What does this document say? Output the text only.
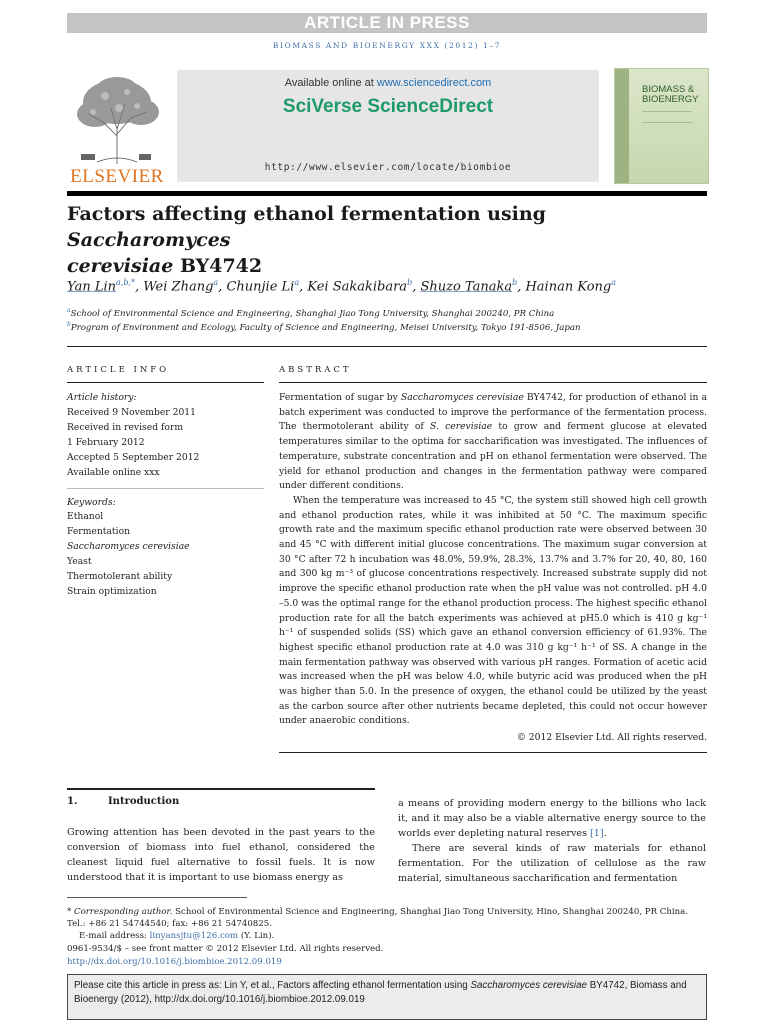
ARTICLE IN PRESS
BIOMASS AND BIOENERGY XXX (2012) 1–7
ELSEVIER
Available online at www.sciencedirect.com
SciVerse ScienceDirect
http://www.elsevier.com/locate/biombioe
BIOMASS &
BIOENERGY
Factors affecting ethanol fermentation using Saccharomyces
cerevisiae BY4742
Yan Lin$^{a,b,*}$, Wei Zhang$^a$, Chunjie Li$^a$, Kei Sakakibara$^b$, Shuzo Tanaka$^b$, Hainan Kong$^a$
$^a$School of Environmental Science and Engineering, Shanghai Jiao Tong University, Shanghai 200240, PR China
$^b$Program of Environment and Ecology, Faculty of Science and Engineering, Meisei University, Tokyo 191-8506, Japan
ARTICLE INFO	ABSTRACT
Article history:
Received 9 November 2011
Received in revised form
1 February 2012
Accepted 5 September 2012
Available online xxx
Keywords:
Ethanol
Fermentation
Saccharomyces cerevisiae
Yeast
Thermotolerant ability
Strain optimization

Fermentation of sugar by Saccharomyces cerevisiae BY4742, for production of ethanol in a batch experiment was conducted to improve the performance of the fermentation process. The thermotolerant ability of S. cerevisiae to grow and ferment glucose at elevated temperatures similar to the optima for saccharification was investigated. The influences of temperature, substrate concentration and pH on ethanol fermentation were observed. The yield for ethanol production and changes in the fermentation pathway were compared under different conditions.

When the temperature was increased to 45 °C, the system still showed high cell growth and ethanol production rates, while it was inhibited at 50 °C. The maximum specific growth rate and the maximum specific ethanol production rate were observed between 30 and 45 °C with different initial glucose concentrations. The maximum sugar conversion at 30 °C after 72 h incubation was 48.0%, 59.9%, 28.3%, 13.7% and 3.7% for 20, 40, 80, 160 and 300 kg m⁻³ of glucose concentrations respectively. Increased substrate supply did not improve the specific ethanol production rate when the pH value was not controlled. pH 4.0 –5.0 was the optimal range for the ethanol production process. The highest specific ethanol production rate for all the batch experiments was achieved at pH5.0 which is 410 g kg⁻¹ h⁻¹ of suspended solids (SS) which gave an ethanol conversion efficiency of 61.93%. The highest specific ethanol production rate at 4.0 was 310 g kg⁻¹ h⁻¹ of SS. A change in the main fermentation pathway was observed with various pH ranges. Formation of acetic acid was increased when the pH was below 4.0, while butyric acid was produced when the pH was higher than 5.0. In the presence of oxygen, the ethanol could be utilized by the yeast as the carbon source after other nutrients became depleted, this could not occur however under anaerobic conditions.

© 2012 Elsevier Ltd. All rights reserved.
1.	Introduction

Growing attention has been devoted in the past years to the conversion of biomass into fuel ethanol, considered the cleanest liquid fuel alternative to fossil fuels. It is now understood that it is important to use biomass energy as

a means of providing modern energy to the billions who lack it, and it may also be a viable alternative energy source to the worlds ever depleting natural reserves [1].

There are several kinds of raw materials for ethanol fermentation. For the utilization of cellulose as the raw material, simultaneous saccharification and fermentation

* Corresponding author. School of Environmental Science and Engineering, Shanghai Jiao Tong University, Hino, Shanghai 200240, PR China. Tel.: +86 21 54744540; fax: +86 21 54740825.
E-mail address: linyansjtu@126.com (Y. Lin).
0961-9534/$ – see front matter © 2012 Elsevier Ltd. All rights reserved.
http://dx.doi.org/10.1016/j.biombioe.2012.09.019
Please cite this article in press as: Lin Y, et al., Factors affecting ethanol fermentation using Saccharomyces cerevisiae BY4742, Biomass and Bioenergy (2012), http://dx.doi.org/10.1016/j.biombioe.2012.09.019
